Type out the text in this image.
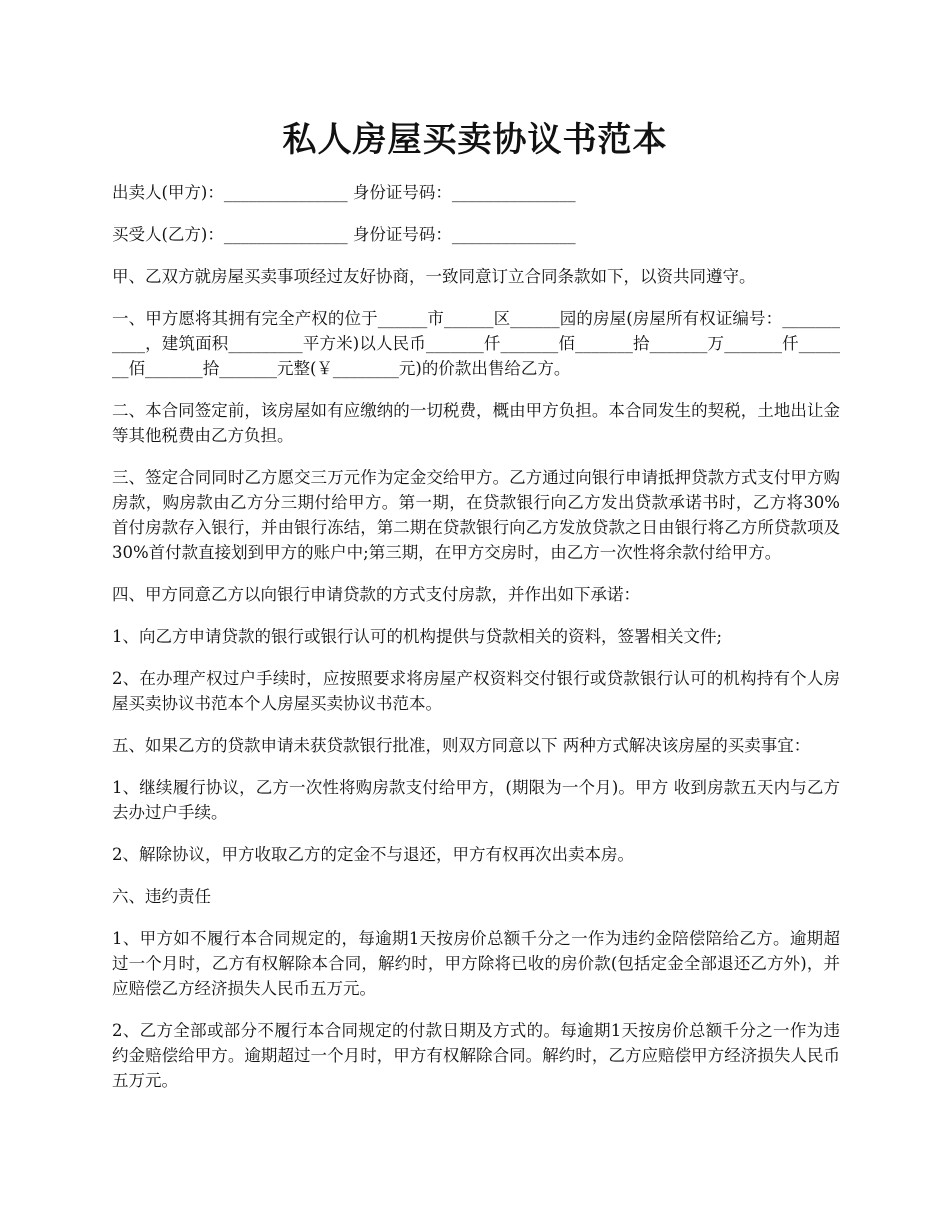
私人房屋买卖协议书范本

出卖人(甲方)：_______________ 身份证号码：_______________

买受人(乙方)：_______________ 身份证号码：_______________

甲、乙双方就房屋买卖事项经过友好协商，一致同意订立合同条款如下，以资共同遵守。

一、甲方愿将其拥有完全产权的位于______市______区______园的房屋(房屋所有权证编号：___________，建筑面积_________平方米)以人民币_______仟_______佰_______拾_______万_______仟_______佰_______拾_______元整(￥________元)的价款出售给乙方。

二、本合同签定前，该房屋如有应缴纳的一切税费，概由甲方负担。本合同发生的契税，土地出让金等其他税费由乙方负担。

三、签定合同同时乙方愿交三万元作为定金交给甲方。乙方通过向银行申请抵押贷款方式支付甲方购房款，购房款由乙方分三期付给甲方。第一期，在贷款银行向乙方发出贷款承诺书时，乙方将30%首付房款存入银行，并由银行冻结，第二期在贷款银行向乙方发放贷款之日由银行将乙方所贷款项及30%首付款直接划到甲方的账户中;第三期，在甲方交房时，由乙方一次性将余款付给甲方。

四、甲方同意乙方以向银行申请贷款的方式支付房款，并作出如下承诺：

1、向乙方申请贷款的银行或银行认可的机构提供与贷款相关的资料，签署相关文件;

2、在办理产权过户手续时，应按照要求将房屋产权资料交付银行或贷款银行认可的机构持有个人房屋买卖协议书范本个人房屋买卖协议书范本。

五、如果乙方的贷款申请未获贷款银行批准，则双方同意以下 两种方式解决该房屋的买卖事宜：

1、继续履行协议，乙方一次性将购房款支付给甲方，(期限为一个月)。甲方 收到房款五天内与乙方去办过户手续。

2、解除协议，甲方收取乙方的定金不与退还，甲方有权再次出卖本房。

六、违约责任

1、甲方如不履行本合同规定的，每逾期1天按房价总额千分之一作为违约金陪偿陪给乙方。逾期超过一个月时，乙方有权解除本合同，解约时，甲方除将已收的房价款(包括定金全部退还乙方外)，并应赔偿乙方经济损失人民币五万元。

2、乙方全部或部分不履行本合同规定的付款日期及方式的。每逾期1天按房价总额千分之一作为违约金赔偿给甲方。逾期超过一个月时，甲方有权解除合同。解约时，乙方应赔偿甲方经济损失人民币五万元。
